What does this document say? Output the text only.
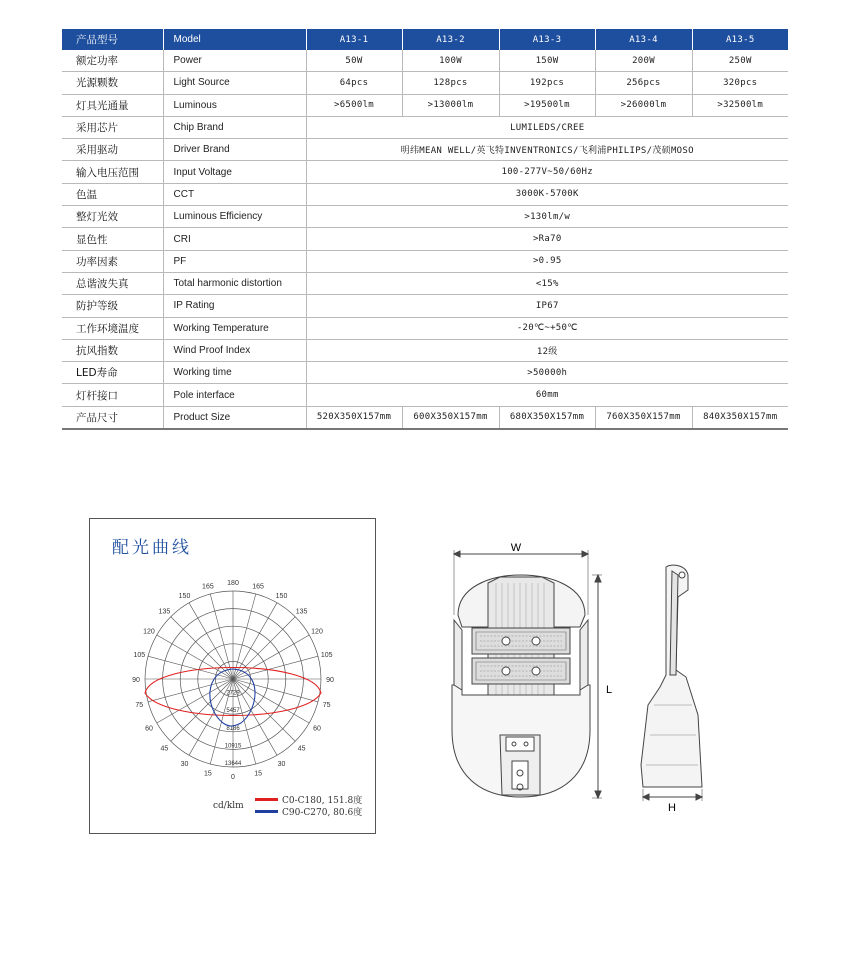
产品型号	Model	A13-1	A13-2	A13-3	A13-4	A13-5
额定功率	Power	50W	100W	150W	200W	250W
光源颗数	Light Source	64pcs	128pcs	192pcs	256pcs	320pcs
灯具光通量	Luminous	>6500lm	>13000lm	>19500lm	>26000lm	>32500lm
采用芯片	Chip Brand	LUMILEDS/CREE				
采用驱动	Driver Brand	明纬MEAN WELL/英飞特INVENTRONICS/飞利浦PHILIPS/茂硕MOSO				
输入电压范围	Input Voltage	100-277V~50/60Hz				
色温	CCT	3000K-5700K				
整灯光效	Luminous Efficiency	>130lm/w				
显色性	CRI	>Ra70				
功率因素	PF	>0.95				
总谐波失真	Total harmonic distortion	<15%				
防护等级	IP Rating	IP67				
工作环境温度	Working Temperature	-20℃~+50℃				
抗风指数	Wind Proof Index	12级				
LED寿命	Working time	>50000h				
灯杆接口	Pole interface	60mm				
产品尺寸	Product Size	520X350X157mm	600X350X157mm	680X350X157mm	760X350X157mm	840X350X157mm
配光曲线
180
165	165
150	150
135	135
120	120
105	105
90	90
75	75
60	60
45	45
30	30
15	15
0
2729
5457
8186
10915
13644
cd/klm	C0-C180, 151.8度
C90-C270, 80.6度
W
L
H
